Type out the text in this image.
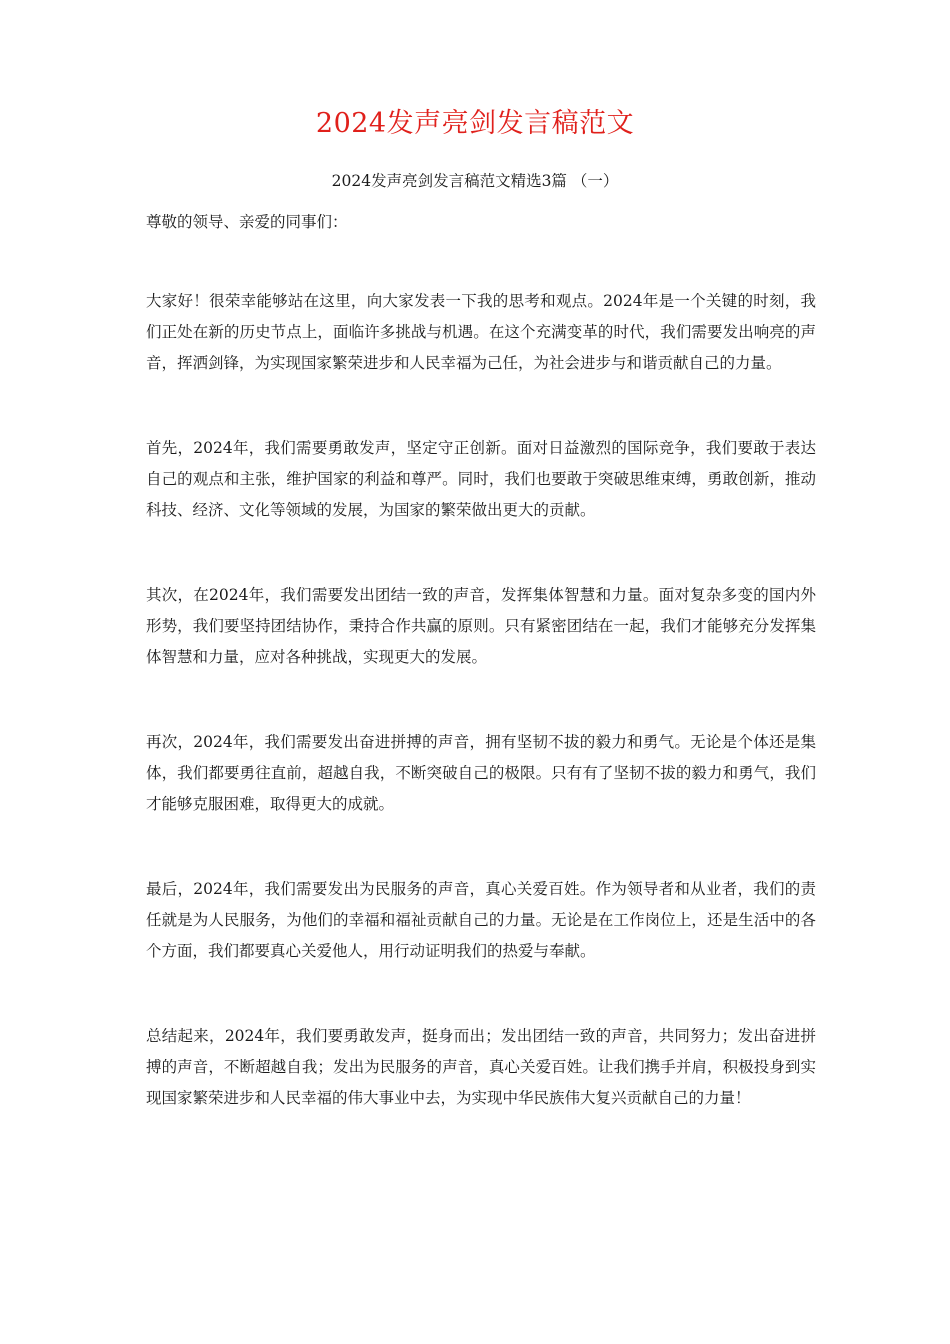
2024发声亮剑发言稿范文
2024发声亮剑发言稿范文精选3篇 （一）

尊敬的领导、亲爱的同事们：

大家好！很荣幸能够站在这里，向大家发表一下我的思考和观点。2024年是一个关键的时刻，我们正处在新的历史节点上，面临许多挑战与机遇。在这个充满变革的时代，我们需要发出响亮的声音，挥洒剑锋，为实现国家繁荣进步和人民幸福为己任，为社会进步与和谐贡献自己的力量。

首先，2024年，我们需要勇敢发声，坚定守正创新。面对日益激烈的国际竞争，我们要敢于表达自己的观点和主张，维护国家的利益和尊严。同时，我们也要敢于突破思维束缚，勇敢创新，推动科技、经济、文化等领域的发展，为国家的繁荣做出更大的贡献。

其次，在2024年，我们需要发出团结一致的声音，发挥集体智慧和力量。面对复杂多变的国内外形势，我们要坚持团结协作，秉持合作共赢的原则。只有紧密团结在一起，我们才能够充分发挥集体智慧和力量，应对各种挑战，实现更大的发展。

再次，2024年，我们需要发出奋进拼搏的声音，拥有坚韧不拔的毅力和勇气。无论是个体还是集体，我们都要勇往直前，超越自我，不断突破自己的极限。只有有了坚韧不拔的毅力和勇气，我们才能够克服困难，取得更大的成就。

最后，2024年，我们需要发出为民服务的声音，真心关爱百姓。作为领导者和从业者，我们的责任就是为人民服务，为他们的幸福和福祉贡献自己的力量。无论是在工作岗位上，还是生活中的各个方面，我们都要真心关爱他人，用行动证明我们的热爱与奉献。

总结起来，2024年，我们要勇敢发声，挺身而出；发出团结一致的声音，共同努力；发出奋进拼搏的声音，不断超越自我；发出为民服务的声音，真心关爱百姓。让我们携手并肩，积极投身到实现国家繁荣进步和人民幸福的伟大事业中去，为实现中华民族伟大复兴贡献自己的力量！
